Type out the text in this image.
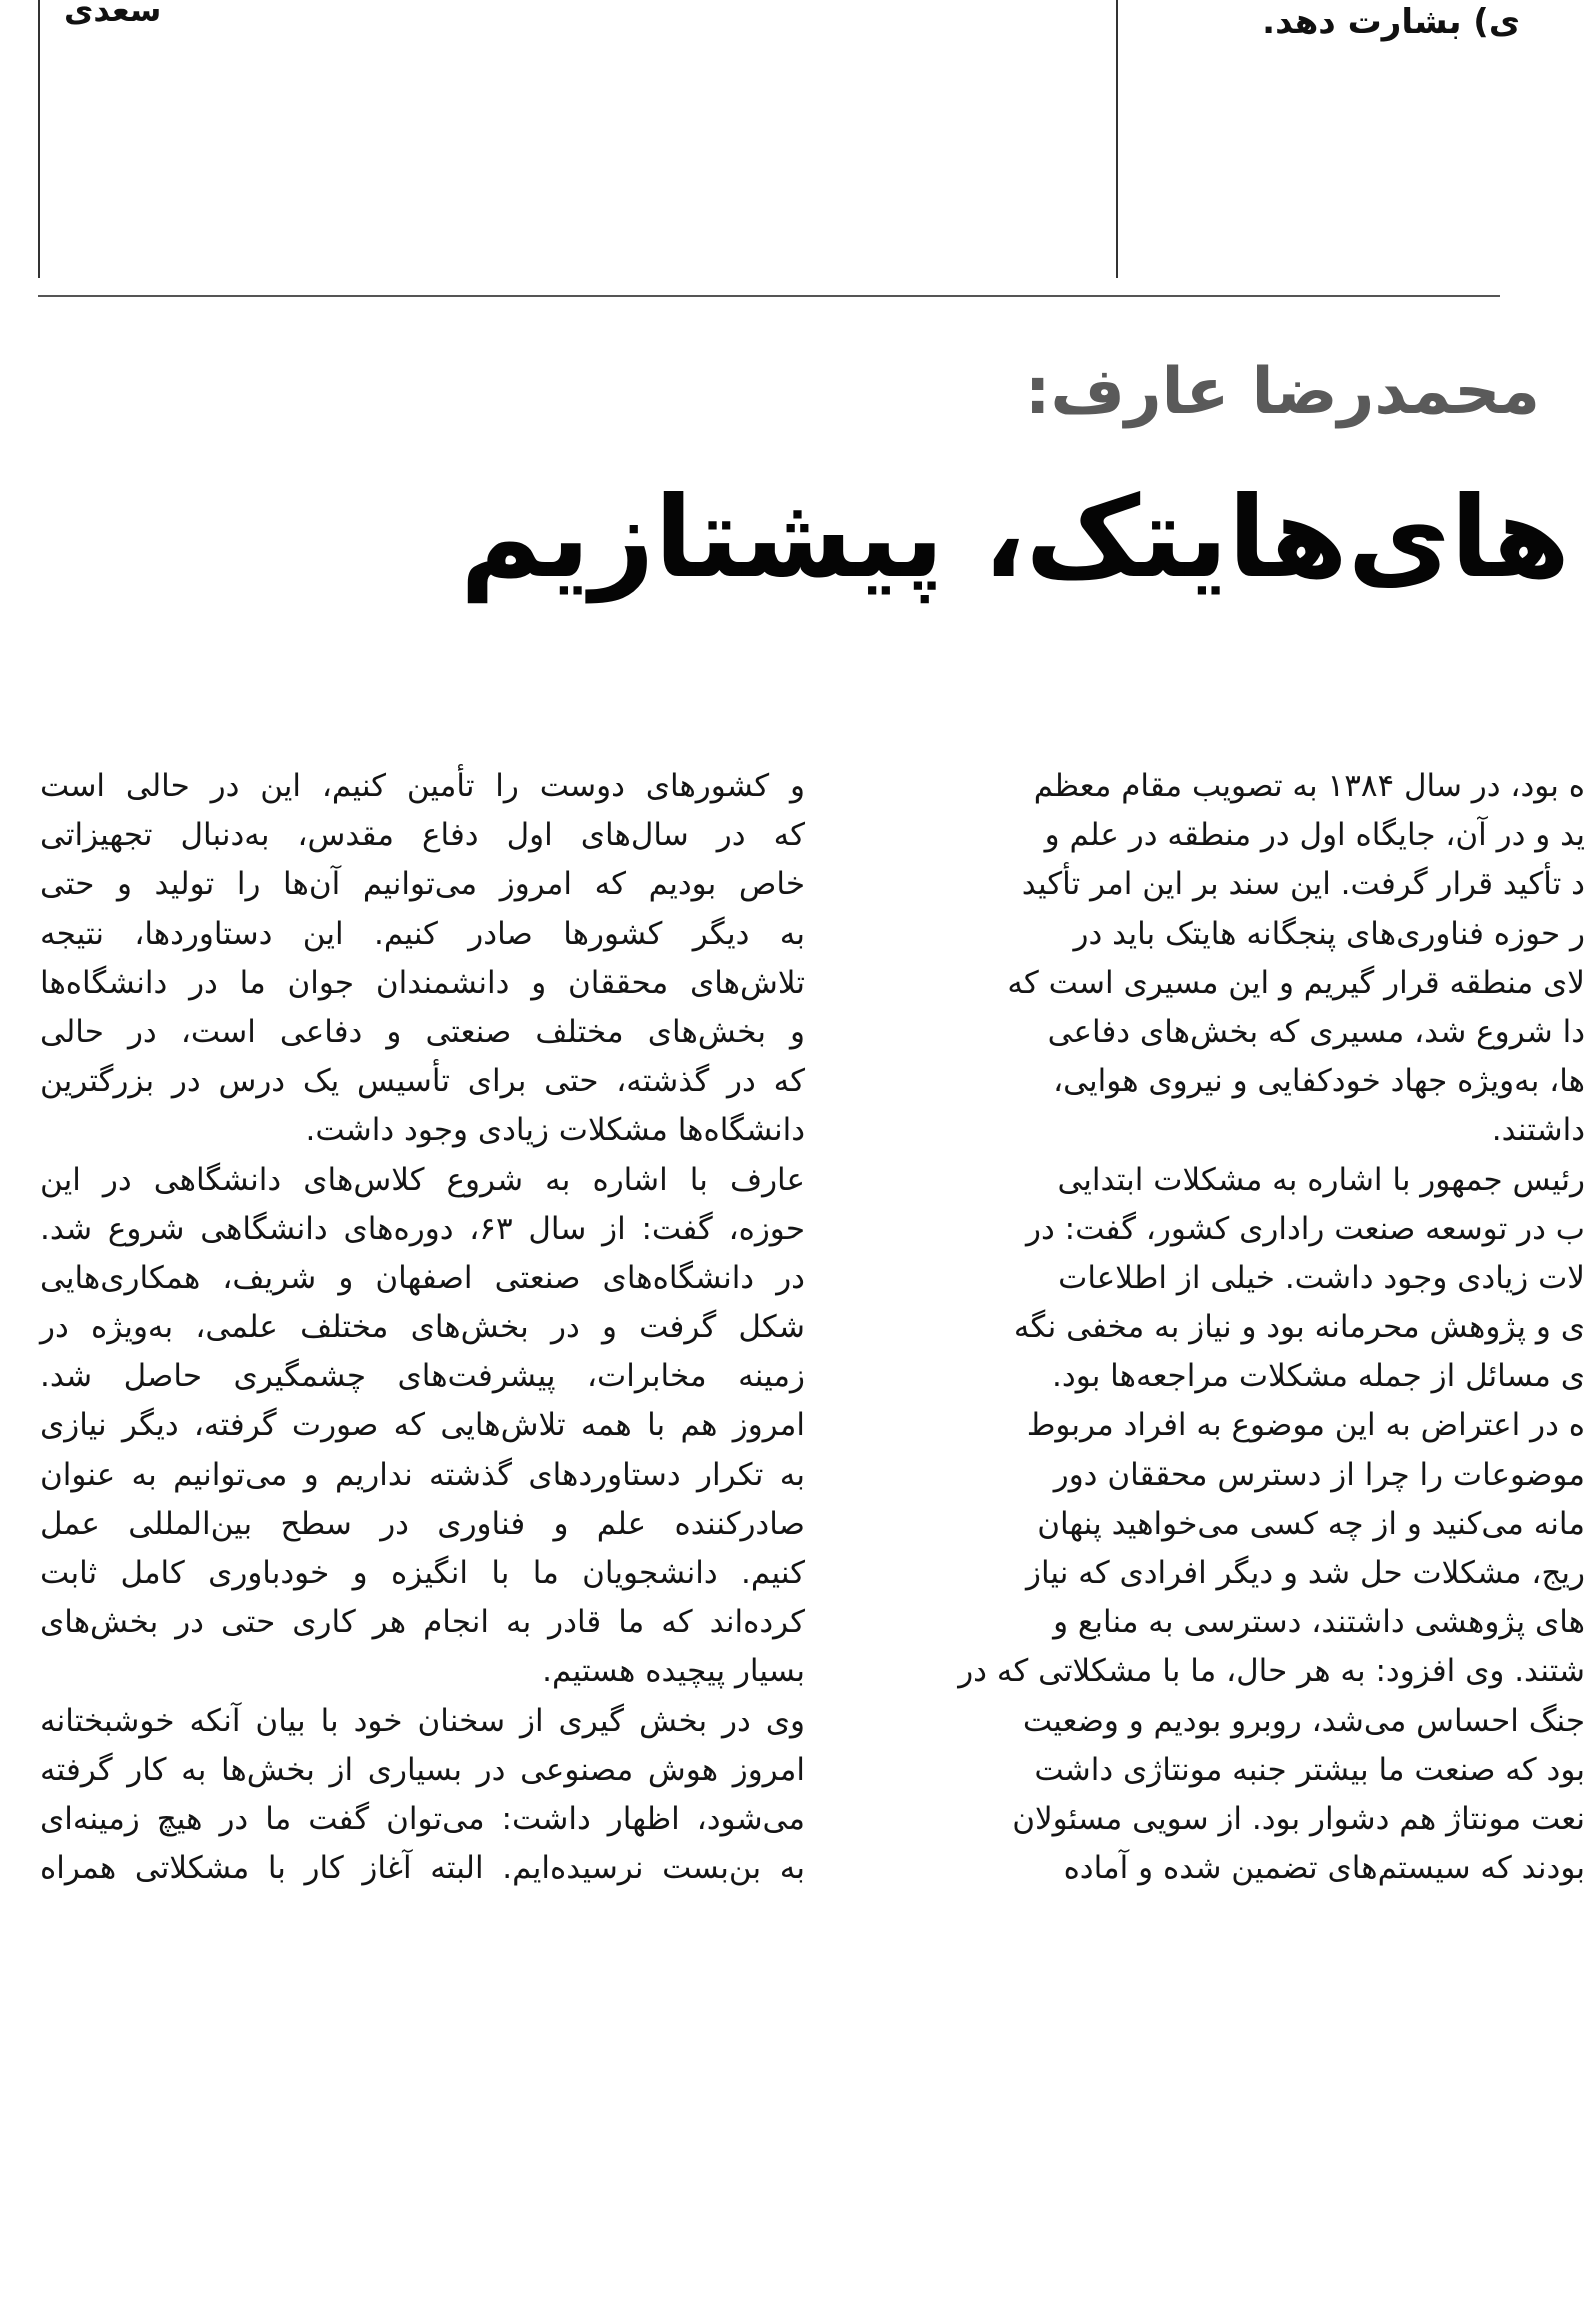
ی) بشارت دهد.
سعدی
محمدرضا عارف:
های‌هایتک، پیشتازیم
و کشورهای دوست را تأمین کنیم، این در حالی است
که در سال‌های اول دفاع مقدس، به‌دنبال تجهیزاتی
خاص بودیم که امروز می‌توانیم آن‌ها را تولید و حتی
به دیگر کشورها صادر کنیم. این دستاوردها، نتیجه
تلاش‌های محققان و دانشمندان جوان ما در دانشگاه‌ها
و بخش‌های مختلف صنعتی و دفاعی است، در حالی
که در گذشته، حتی برای تأسیس یک درس در بزرگترین
دانشگاه‌ها مشکلات زیادی وجود داشت.
عارف با اشاره به شروع کلاس‌های دانشگاهی در این
حوزه، گفت: از سال ۶۳، دوره‌های دانشگاهی شروع شد.
در دانشگاه‌های صنعتی اصفهان و شریف، همکاری‌هایی
شکل گرفت و در بخش‌های مختلف علمی، به‌ویژه در
زمینه مخابرات، پیشرفت‌های چشمگیری حاصل شد.
امروز هم با همه تلاش‌هایی که صورت گرفته، دیگر نیازی
به تکرار دستاوردهای گذشته نداریم و می‌توانیم به عنوان
صادرکننده علم و فناوری در سطح بین‌المللی عمل
کنیم. دانشجویان ما با انگیزه و خودباوری کامل ثابت
کرده‌اند که ما قادر به انجام هر کاری حتی در بخش‌های
بسیار پیچیده هستیم.
وی در بخش گیری از سخنان خود با بیان آنکه خوشبختانه
امروز هوش مصنوعی در بسیاری از بخش‌ها به کار گرفته
می‌شود، اظهار داشت: می‌توان گفت ما در هیچ زمینه‌ای
به بن‌بست نرسیده‌ایم. البته آغاز کار با مشکلاتی همراه
ه بود، در سال ۱۳۸۴ به تصویب مقام معظم
ید و در آن، جایگاه اول در منطقه در علم و
د تأکید قرار گرفت. این سند بر این امر تأکید
ر حوزه فناوری‌های پنجگانه هایتک باید در
لای منطقه قرار گیریم و این مسیری است که
دا شروع شد، مسیری که بخش‌های دفاعی
ها، به‌ویژه جهاد خودکفایی و نیروی هوایی،
داشتند.
رئیس جمهور با اشاره به مشکلات ابتدایی
ب در توسعه صنعت راداری کشور، گفت: در
لات زیادی وجود داشت. خیلی از اطلاعات
ی و پژوهش محرمانه بود و نیاز به مخفی نگه
ی مسائل از جمله مشکلات مراجعه‌ها بود.
ه در اعتراض به این موضوع به افراد مربوط
موضوعات را چرا از دسترس محققان دور
مانه می‌کنید و از چه کسی می‌خواهید پنهان
ریج، مشکلات حل شد و دیگر افرادی که نیاز
های پژوهشی داشتند، دسترسی به منابع و
شتند. وی افزود: به هر حال، ما با مشکلاتی که در
جنگ احساس می‌شد، روبرو بودیم و وضعیت
بود که صنعت ما بیشتر جنبه مونتاژی داشت
نعت مونتاژ هم دشوار بود. از سویی مسئولان
بودند که سیستم‌های تضمین شده و آماده
